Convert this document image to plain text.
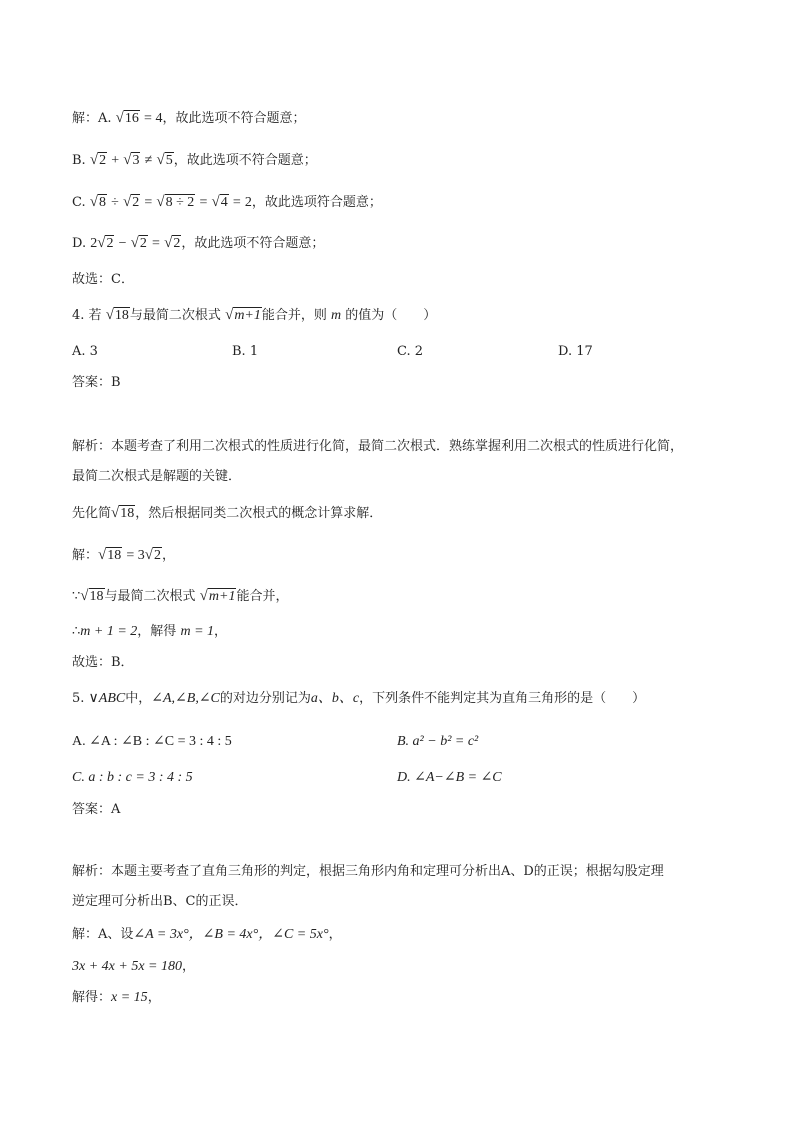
解：A. √16 = 4，故此选项不符合题意；
B. √2 + √3 ≠ √5，故此选项不符合题意；
C. √8 ÷ √2 = √8 ÷ 2 = √4 = 2，故此选项符合题意；
D. 2√2 − √2 = √2，故此选项不符合题意；
故选：C．
4. 若 √18与最简二次根式 √m+1能合并，则 m 的值为（　　）
A. 3	B. 1	C. 2	D. 17
答案：B
解析：本题考查了利用二次根式的性质进行化简，最简二次根式．熟练掌握利用二次根式的性质进行化简，
最简二次根式是解题的关键．
先化简√18，然后根据同类二次根式的概念计算求解．
解：√18 = 3√2，
∵√18与最简二次根式 √m+1能合并，
∴m + 1 = 2，解得 m = 1，
故选：B．
5. ∨ABC中，∠A,∠B,∠C的对边分别记为a、b、c，下列条件不能判定其为直角三角形的是（　　）
A. ∠A : ∠B : ∠C = 3 : 4 : 5	B. a² − b² = c²
C. a : b : c = 3 : 4 : 5	D. ∠A−∠B = ∠C
答案：A
解析：本题主要考查了直角三角形的判定，根据三角形内角和定理可分析出A、D的正误；根据勾股定理
逆定理可分析出B、C的正误．
解：A、设∠A = 3x°，∠B = 4x°，∠C = 5x°，
3x + 4x + 5x = 180，
解得：x = 15，
